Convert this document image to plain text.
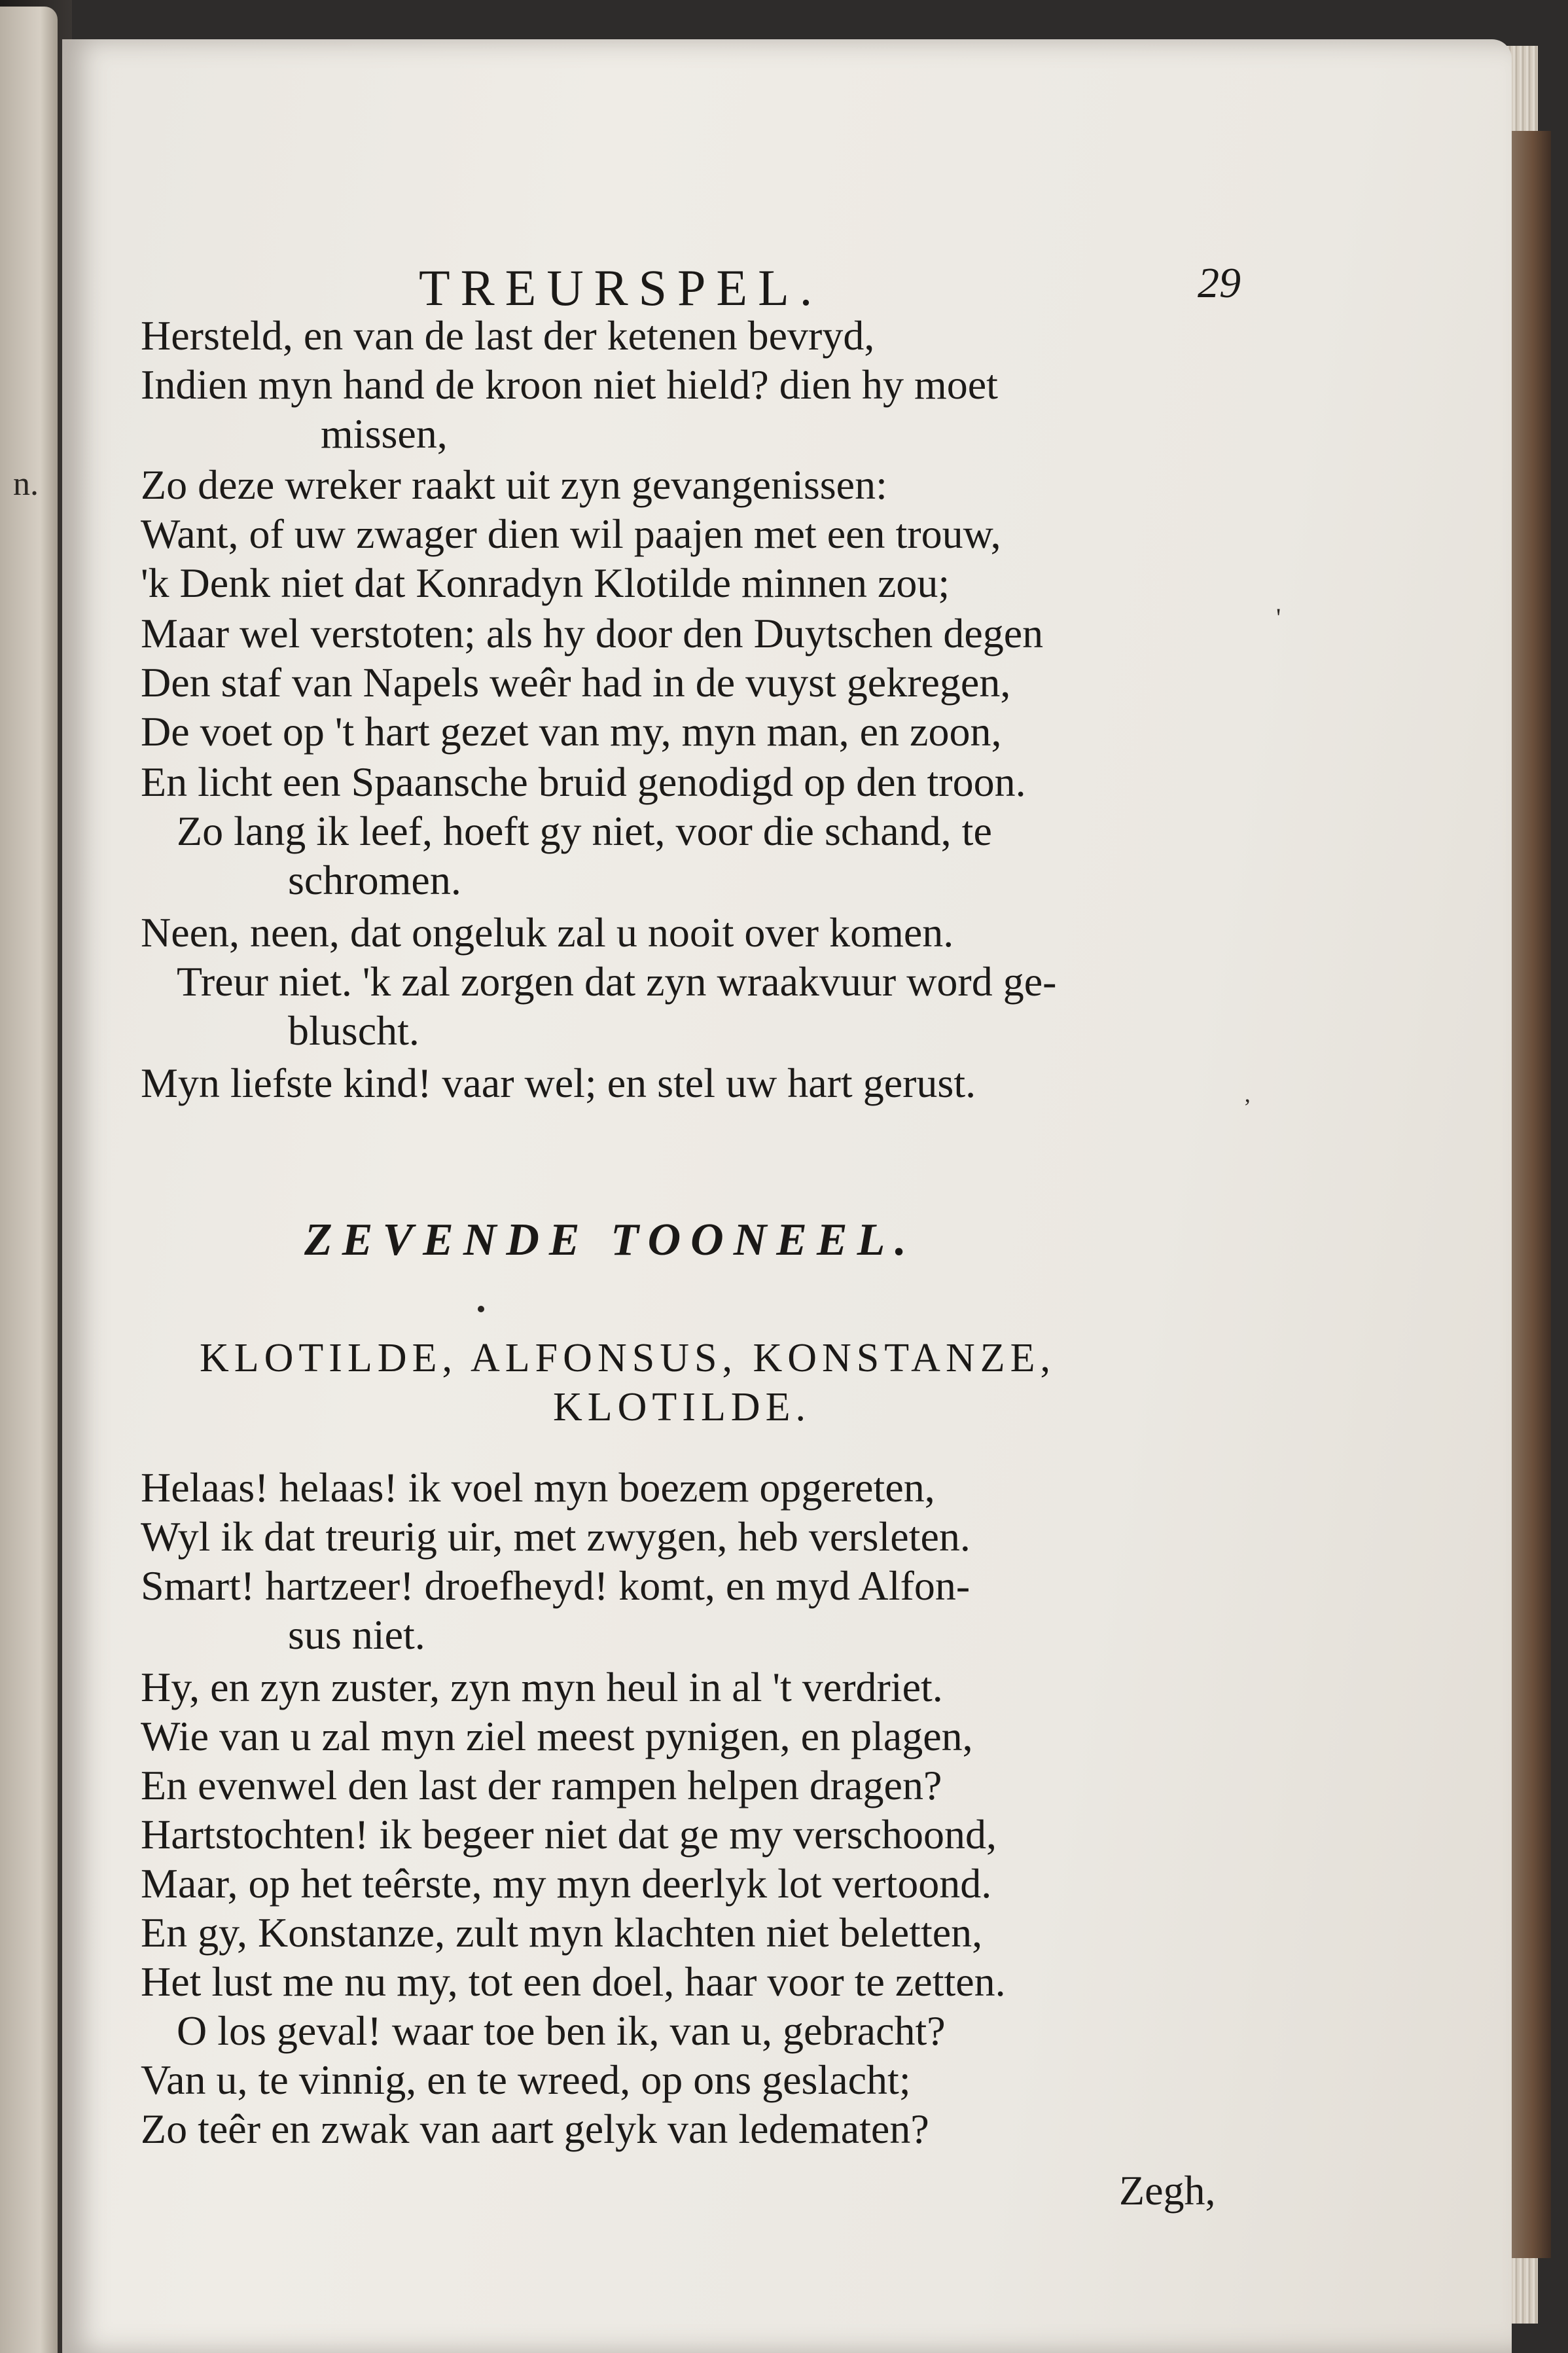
n.
TREURSPEL.	29

Hersteld, en van de last der ketenen bevryd,

Indien myn hand de kroon niet hield? dien hy moet

missen,

Zo deze wreker raakt uit zyn gevangenissen:

Want, of uw zwager dien wil paajen met een trouw,

'k Denk niet dat Konradyn Klotilde minnen zou;

Maar wel verstoten; als hy door den Duytschen degen

Den staf van Napels weêr had in de vuyst gekregen,

De voet op 't hart gezet van my, myn man, en zoon,

En licht een Spaansche bruid genodigd op den troon.

Zo lang ik leef, hoeft gy niet, voor die schand, te

schromen.

Neen, neen, dat ongeluk zal u nooit over komen.

Treur niet. 'k zal zorgen dat zyn wraakvuur word ge-

bluscht.

Myn liefste kind! vaar wel; en stel uw hart gerust.

ZEVENDE TOONEEL.

KLOTILDE, ALFONSUS, KONSTANZE,

KLOTILDE.

Helaas! helaas! ik voel myn boezem opgereten,

Wyl ik dat treurig uir, met zwygen, heb versleten.

Smart! hartzeer! droefheyd! komt, en myd Alfon-

sus niet.

Hy, en zyn zuster, zyn myn heul in al 't verdriet.

Wie van u zal myn ziel meest pynigen, en plagen,

En evenwel den last der rampen helpen dragen?

Hartstochten! ik begeer niet dat ge my verschoond,

Maar, op het teêrste, my myn deerlyk lot vertoond.

En gy, Konstanze, zult myn klachten niet beletten,

Het lust me nu my, tot een doel, haar voor te zetten.

O los geval! waar toe ben ik, van u, gebracht?

Van u, te vinnig, en te wreed, op ons geslacht;

Zo teêr en zwak van aart gelyk van ledematen?

Zegh,
'
‚
